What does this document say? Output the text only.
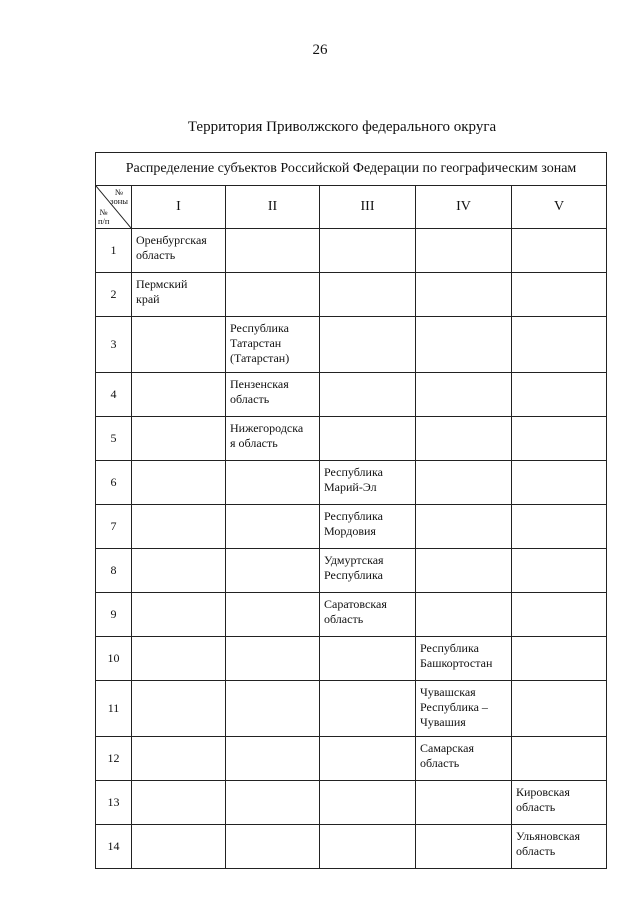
26
Территория Приволжского федерального округа
Распределение субъектов Российской Федерации по географическим зонам					

№
зоны
№
п/п	I	II	III	IV	V
1	Оренбургская
область				

2	Пермский
край				

3		Республика
Татарстан
(Татарстан)			

4		Пензенская
область			

5		Нижегородска
я область			

6			Республика
Марий-Эл		

7			Республика
Мордовия		

8			Удмуртская
Республика		

9			Саратовская
область		

10				Республика
Башкортостан	

11				Чувашская
Республика –
Чувашия	

12				Самарская
область	

13					Кировская
область

14					Ульяновская
область
